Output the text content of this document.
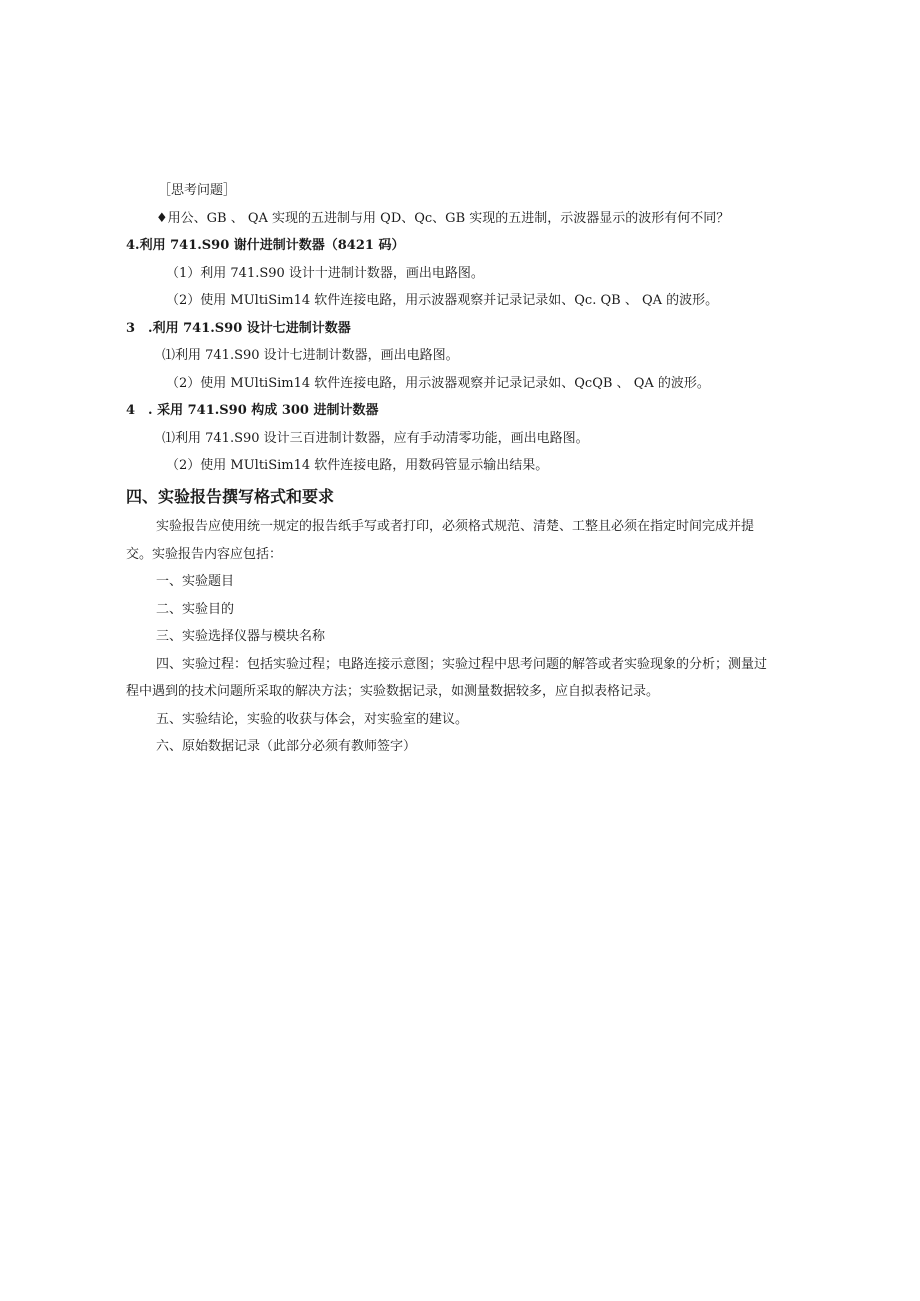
［思考问题］
♦用公、GB 、 QA 实现的五进制与用 QD、Qc、GB 实现的五进制，示波器显示的波形有何不同？
4.利用 741.S90 谢什进制计数器（8421 码）
（1）利用 741.S90 设计十进制计数器，画出电路图。
（2）使用 MUltiSim14 软件连接电路，用示波器观察并记录记录如、Qc. QB 、 QA 的波形。
3　.利用 741.S90 设计七进制计数器
⑴利用 741.S90 设计七进制计数器，画出电路图。
（2）使用 MUltiSim14 软件连接电路，用示波器观察并记录记录如、QcQB 、 QA 的波形。
4　. 采用 741.S90 构成 300 进制计数器
⑴利用 741.S90 设计三百进制计数器，应有手动清零功能，画出电路图。
（2）使用 MUltiSim14 软件连接电路，用数码管显示输出结果。
四、实验报告撰写格式和要求
实验报告应使用统一规定的报告纸手写或者打印，必须格式规范、清楚、工整且必须在指定时间完成并提
交。实验报告内容应包括：
一、实验题目
二、实验目的
三、实验选择仪器与模块名称
四、实验过程：包括实验过程；电路连接示意图；实验过程中思考问题的解答或者实验现象的分析；测量过
程中遇到的技术问题所采取的解决方法；实验数据记录，如测量数据较多，应自拟表格记录。
五、实验结论，实验的收获与体会，对实验室的建议。
六、原始数据记录（此部分必须有教师签字）
